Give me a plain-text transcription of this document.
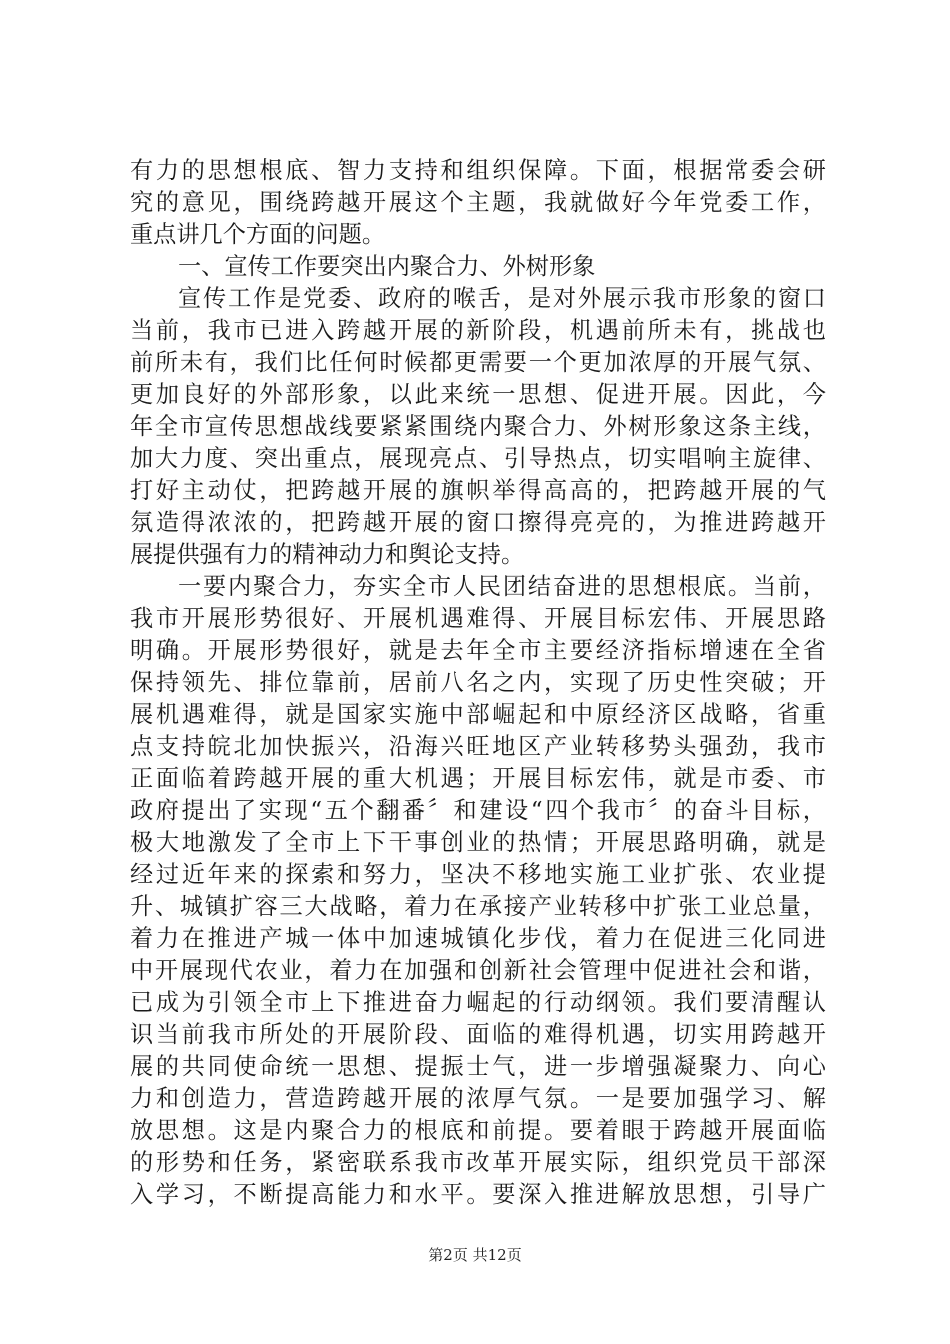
有力的思想根底、智力支持和组织保障。下面，根据常委会研
究的意见，围绕跨越开展这个主题，我就做好今年党委工作，
重点讲几个方面的问题。
一、宣传工作要突出内聚合力、外树形象
宣传工作是党委、政府的喉舌，是对外展示我市形象的窗口
当前，我市已进入跨越开展的新阶段，机遇前所未有，挑战也
前所未有，我们比任何时候都更需要一个更加浓厚的开展气氛、
更加良好的外部形象，以此来统一思想、促进开展。因此，今
年全市宣传思想战线要紧紧围绕内聚合力、外树形象这条主线，
加大力度、突出重点，展现亮点、引导热点，切实唱响主旋律、
打好主动仗，把跨越开展的旗帜举得高高的，把跨越开展的气
氛造得浓浓的，把跨越开展的窗口擦得亮亮的，为推进跨越开
展提供强有力的精神动力和舆论支持。
一要内聚合力，夯实全市人民团结奋进的思想根底。当前，
我市开展形势很好、开展机遇难得、开展目标宏伟、开展思路
明确。开展形势很好，就是去年全市主要经济指标增速在全省
保持领先、排位靠前，居前八名之内，实现了历史性突破；开
展机遇难得，就是国家实施中部崛起和中原经济区战略，省重
点支持皖北加快振兴，沿海兴旺地区产业转移势头强劲，我市
正面临着跨越开展的重大机遇；开展目标宏伟，就是市委、市
政府提出了实现“五个翻番〞和建设“四个我市〞的奋斗目标，
极大地激发了全市上下干事创业的热情；开展思路明确，就是
经过近年来的探索和努力，坚决不移地实施工业扩张、农业提
升、城镇扩容三大战略，着力在承接产业转移中扩张工业总量，
着力在推进产城一体中加速城镇化步伐，着力在促进三化同进
中开展现代农业，着力在加强和创新社会管理中促进社会和谐，
已成为引领全市上下推进奋力崛起的行动纲领。我们要清醒认
识当前我市所处的开展阶段、面临的难得机遇，切实用跨越开
展的共同使命统一思想、提振士气，进一步增强凝聚力、向心
力和创造力，营造跨越开展的浓厚气氛。一是要加强学习、解
放思想。这是内聚合力的根底和前提。要着眼于跨越开展面临
的形势和任务，紧密联系我市改革开展实际，组织党员干部深
入学习，不断提高能力和水平。要深入推进解放思想，引导广
第2页 共12页
